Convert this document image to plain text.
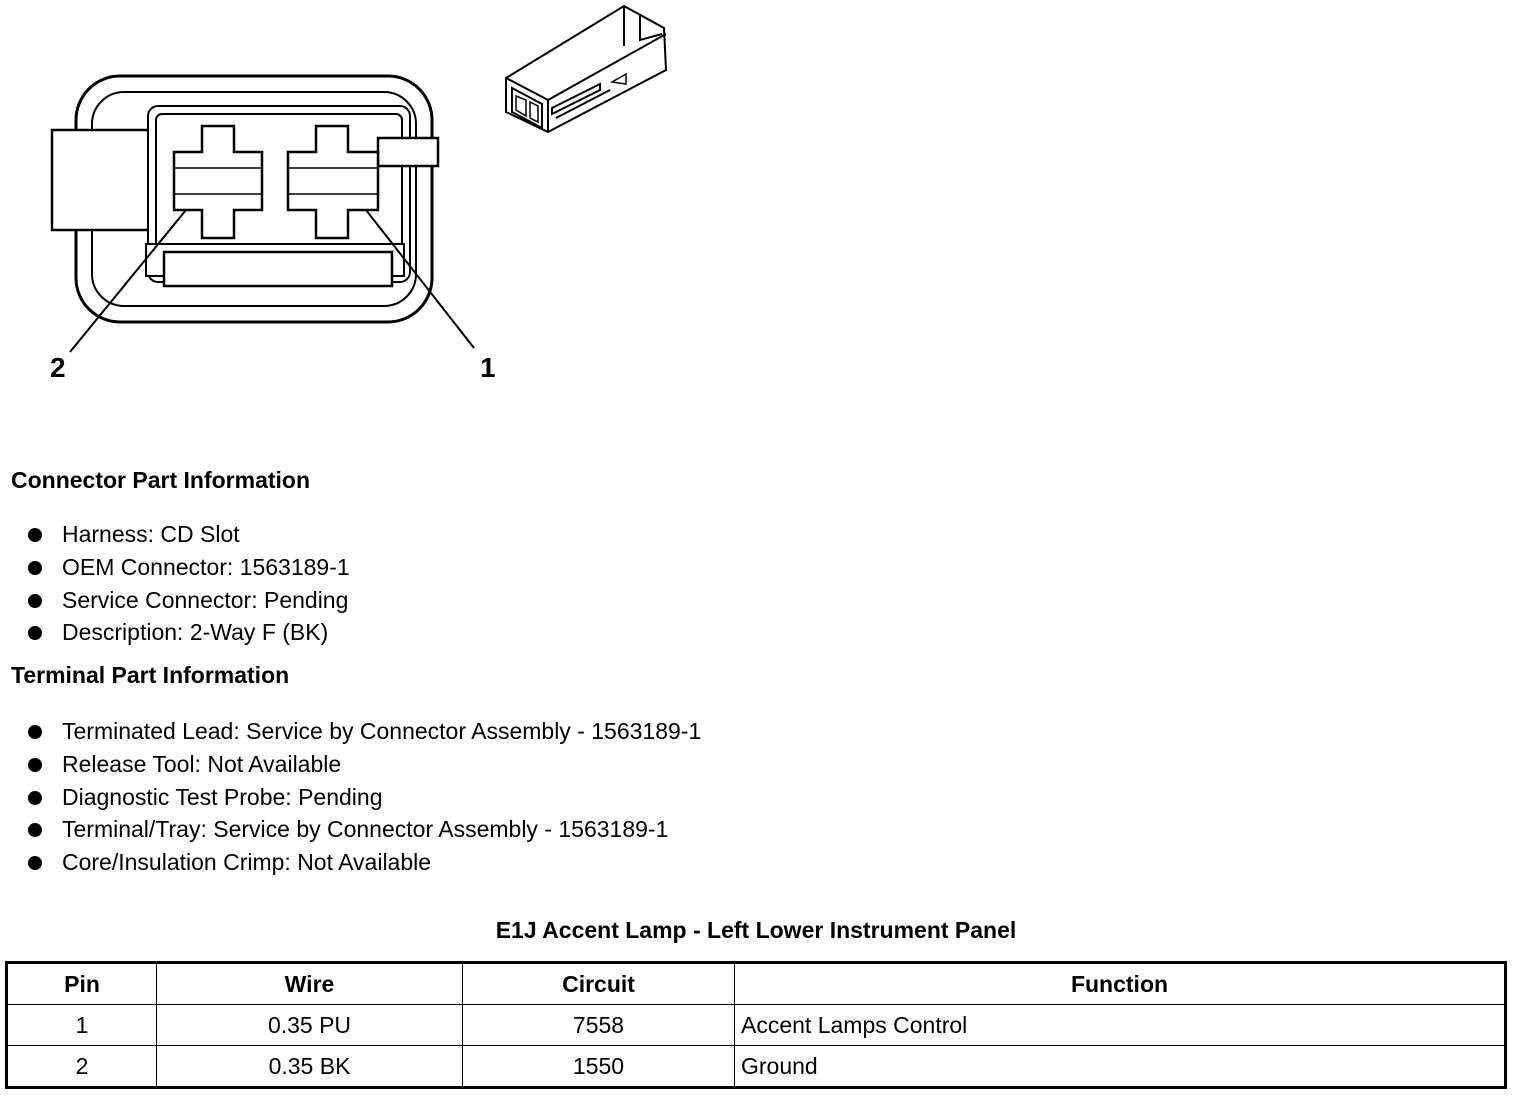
2	1
Connector Part Information
Harness: CD Slot
OEM Connector: 1563189-1
Service Connector: Pending
Description: 2-Way F (BK)
Terminal Part Information
Terminated Lead: Service by Connector Assembly - 1563189-1
Release Tool: Not Available
Diagnostic Test Probe: Pending
Terminal/Tray: Service by Connector Assembly - 1563189-1
Core/Insulation Crimp: Not Available
E1J Accent Lamp - Left Lower Instrument Panel
Pin	Wire	Circuit	Function
1	0.35 PU	7558	Accent Lamps Control
2	0.35 BK	1550	Ground
